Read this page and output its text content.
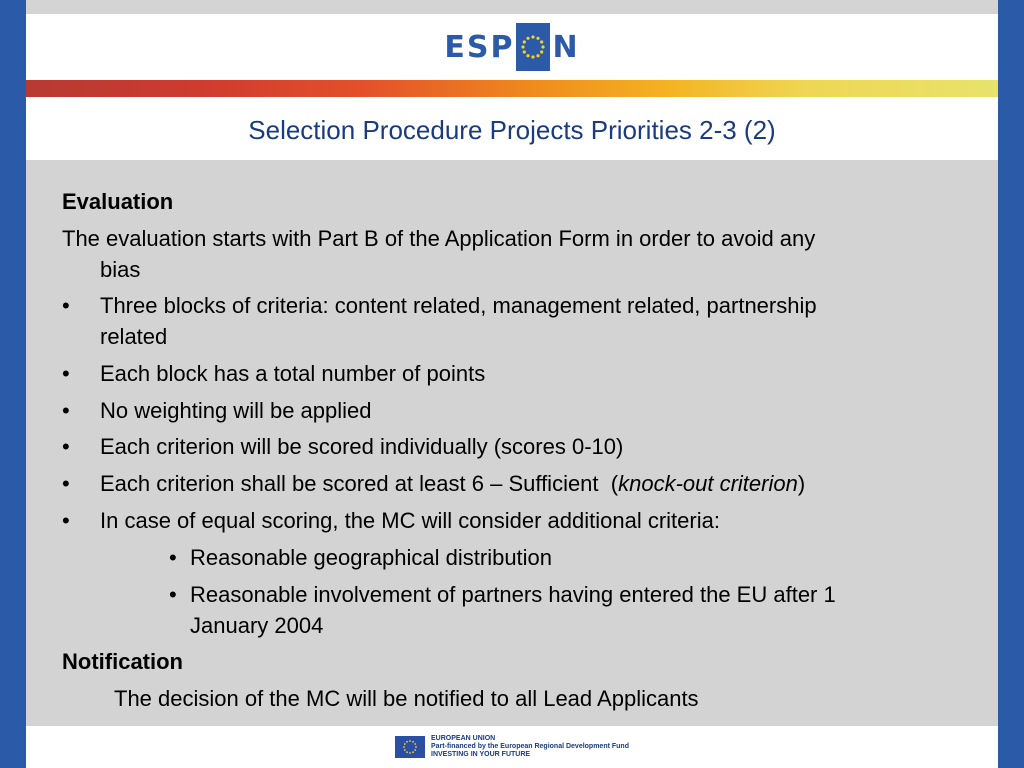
ESP N
Selection Procedure Projects Priorities 2-3 (2)
Evaluation
The evaluation starts with Part B of the Application Form in order to avoid any
bias
• Three blocks of criteria: content related, management related, partnership
related
• Each block has a total number of points
• No weighting will be applied
• Each criterion will be scored individually (scores 0-10)
• Each criterion shall be scored at least 6 – Sufficient  (knock-out criterion)
• In case of equal scoring, the MC will consider additional criteria:
• Reasonable geographical distribution
• Reasonable involvement of partners having entered the EU after 1
January 2004
Notification
The decision of the MC will be notified to all Lead Applicants
EUROPEAN UNION
Part-financed by the European Regional Development Fund
INVESTING IN YOUR FUTURE
